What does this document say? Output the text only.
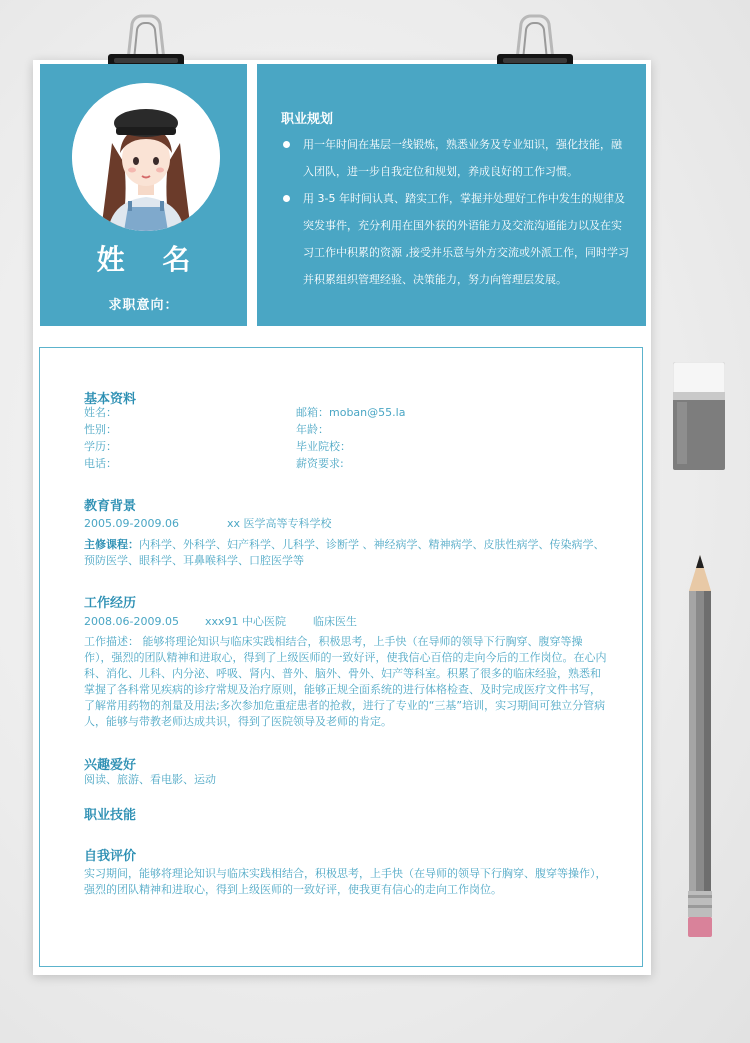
姓 名
求职意向：
职业规划
用一年时间在基层一线锻炼，熟悉业务及专业知识，强化技能，融入团队，进一步自我定位和规划，养成良好的工作习惯。
用 3-5 年时间认真、踏实工作，掌握并处理好工作中发生的规律及突发事件，充分利用在国外获的外语能力及交流沟通能力以及在实习工作中积累的资源 ,接受并乐意与外方交流或外派工作，同时学习并积累组织管理经验、决策能力，努力向管理层发展。
基本资料
姓名：
性别：
学历：
电话：
邮箱：moban@55.la
年龄：
毕业院校：
薪资要求:
教育背景
2005.09-2009.06	xx 医学高等专科学校
主修课程：内科学、外科学、妇产科学、儿科学、诊断学 、神经病学、精神病学、皮肤性病学、传染病学、预防医学、眼科学、耳鼻喉科学、口腔医学等
工作经历
2008.06-2009.05 xxx91 中心医院 临床医生
工作描述： 能够将理论知识与临床实践相结合，积极思考，上手快（在导师的领导下行胸穿、腹穿等操作），强烈的团队精神和进取心，得到了上级医师的一致好评，使我信心百倍的走向今后的工作岗位。在心内科、消化、儿科、内分泌、呼吸、肾内、普外、脑外、骨外、妇产等科室。积累了很多的临床经验，熟悉和掌握了各科常见疾病的诊疗常规及治疗原则，能够正规全面系统的进行体格检查、及时完成医疗文件书写，了解常用药物的剂量及用法;多次参加危重症患者的抢救，进行了专业的“三基”培训，实习期间可独立分管病人，能够与带教老师达成共识，得到了医院领导及老师的肯定。
兴趣爱好
阅读、旅游、看电影、运动
职业技能
自我评价
实习期间，能够将理论知识与临床实践相结合，积极思考，上手快（在导师的领导下行胸穿、腹穿等操作），强烈的团队精神和进取心，得到上级医师的一致好评，使我更有信心的走向工作岗位。
